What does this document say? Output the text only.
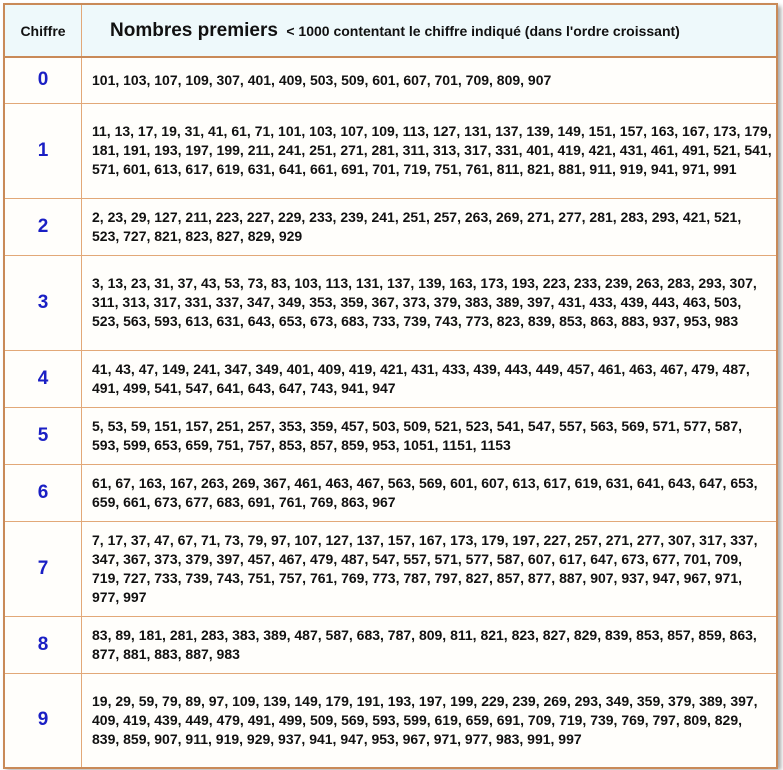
Chiffre	Nombres premiers < 1000 contentant le chiffre indiqué (dans l'ordre croissant)
0	101, 103, 107, 109, 307, 401, 409, 503, 509, 601, 607, 701, 709, 809, 907
1	11, 13, 17, 19, 31, 41, 61, 71, 101, 103, 107, 109, 113, 127, 131, 137, 139, 149, 151, 157, 163, 167, 173, 179, 181, 191, 193, 197, 199, 211, 241, 251, 271, 281, 311, 313, 317, 331, 401, 419, 421, 431, 461, 491, 521, 541, 571, 601, 613, 617, 619, 631, 641, 661, 691, 701, 719, 751, 761, 811, 821, 881, 911, 919, 941, 971, 991
2	2, 23, 29, 127, 211, 223, 227, 229, 233, 239, 241, 251, 257, 263, 269, 271, 277, 281, 283, 293, 421, 521, 523, 727, 821, 823, 827, 829, 929
3	3, 13, 23, 31, 37, 43, 53, 73, 83, 103, 113, 131, 137, 139, 163, 173, 193, 223, 233, 239, 263, 283, 293, 307, 311, 313, 317, 331, 337, 347, 349, 353, 359, 367, 373, 379, 383, 389, 397, 431, 433, 439, 443, 463, 503, 523, 563, 593, 613, 631, 643, 653, 673, 683, 733, 739, 743, 773, 823, 839, 853, 863, 883, 937, 953, 983
4	41, 43, 47, 149, 241, 347, 349, 401, 409, 419, 421, 431, 433, 439, 443, 449, 457, 461, 463, 467, 479, 487, 491, 499, 541, 547, 641, 643, 647, 743, 941, 947
5	5, 53, 59, 151, 157, 251, 257, 353, 359, 457, 503, 509, 521, 523, 541, 547, 557, 563, 569, 571, 577, 587, 593, 599, 653, 659, 751, 757, 853, 857, 859, 953, 1051, 1151, 1153
6	61, 67, 163, 167, 263, 269, 367, 461, 463, 467, 563, 569, 601, 607, 613, 617, 619, 631, 641, 643, 647, 653, 659, 661, 673, 677, 683, 691, 761, 769, 863, 967
7	7, 17, 37, 47, 67, 71, 73, 79, 97, 107, 127, 137, 157, 167, 173, 179, 197, 227, 257, 271, 277, 307, 317, 337, 347, 367, 373, 379, 397, 457, 467, 479, 487, 547, 557, 571, 577, 587, 607, 617, 647, 673, 677, 701, 709, 719, 727, 733, 739, 743, 751, 757, 761, 769, 773, 787, 797, 827, 857, 877, 887, 907, 937, 947, 967, 971, 977, 997
8	83, 89, 181, 281, 283, 383, 389, 487, 587, 683, 787, 809, 811, 821, 823, 827, 829, 839, 853, 857, 859, 863, 877, 881, 883, 887, 983
9	19, 29, 59, 79, 89, 97, 109, 139, 149, 179, 191, 193, 197, 199, 229, 239, 269, 293, 349, 359, 379, 389, 397, 409, 419, 439, 449, 479, 491, 499, 509, 569, 593, 599, 619, 659, 691, 709, 719, 739, 769, 797, 809, 829, 839, 859, 907, 911, 919, 929, 937, 941, 947, 953, 967, 971, 977, 983, 991, 997
